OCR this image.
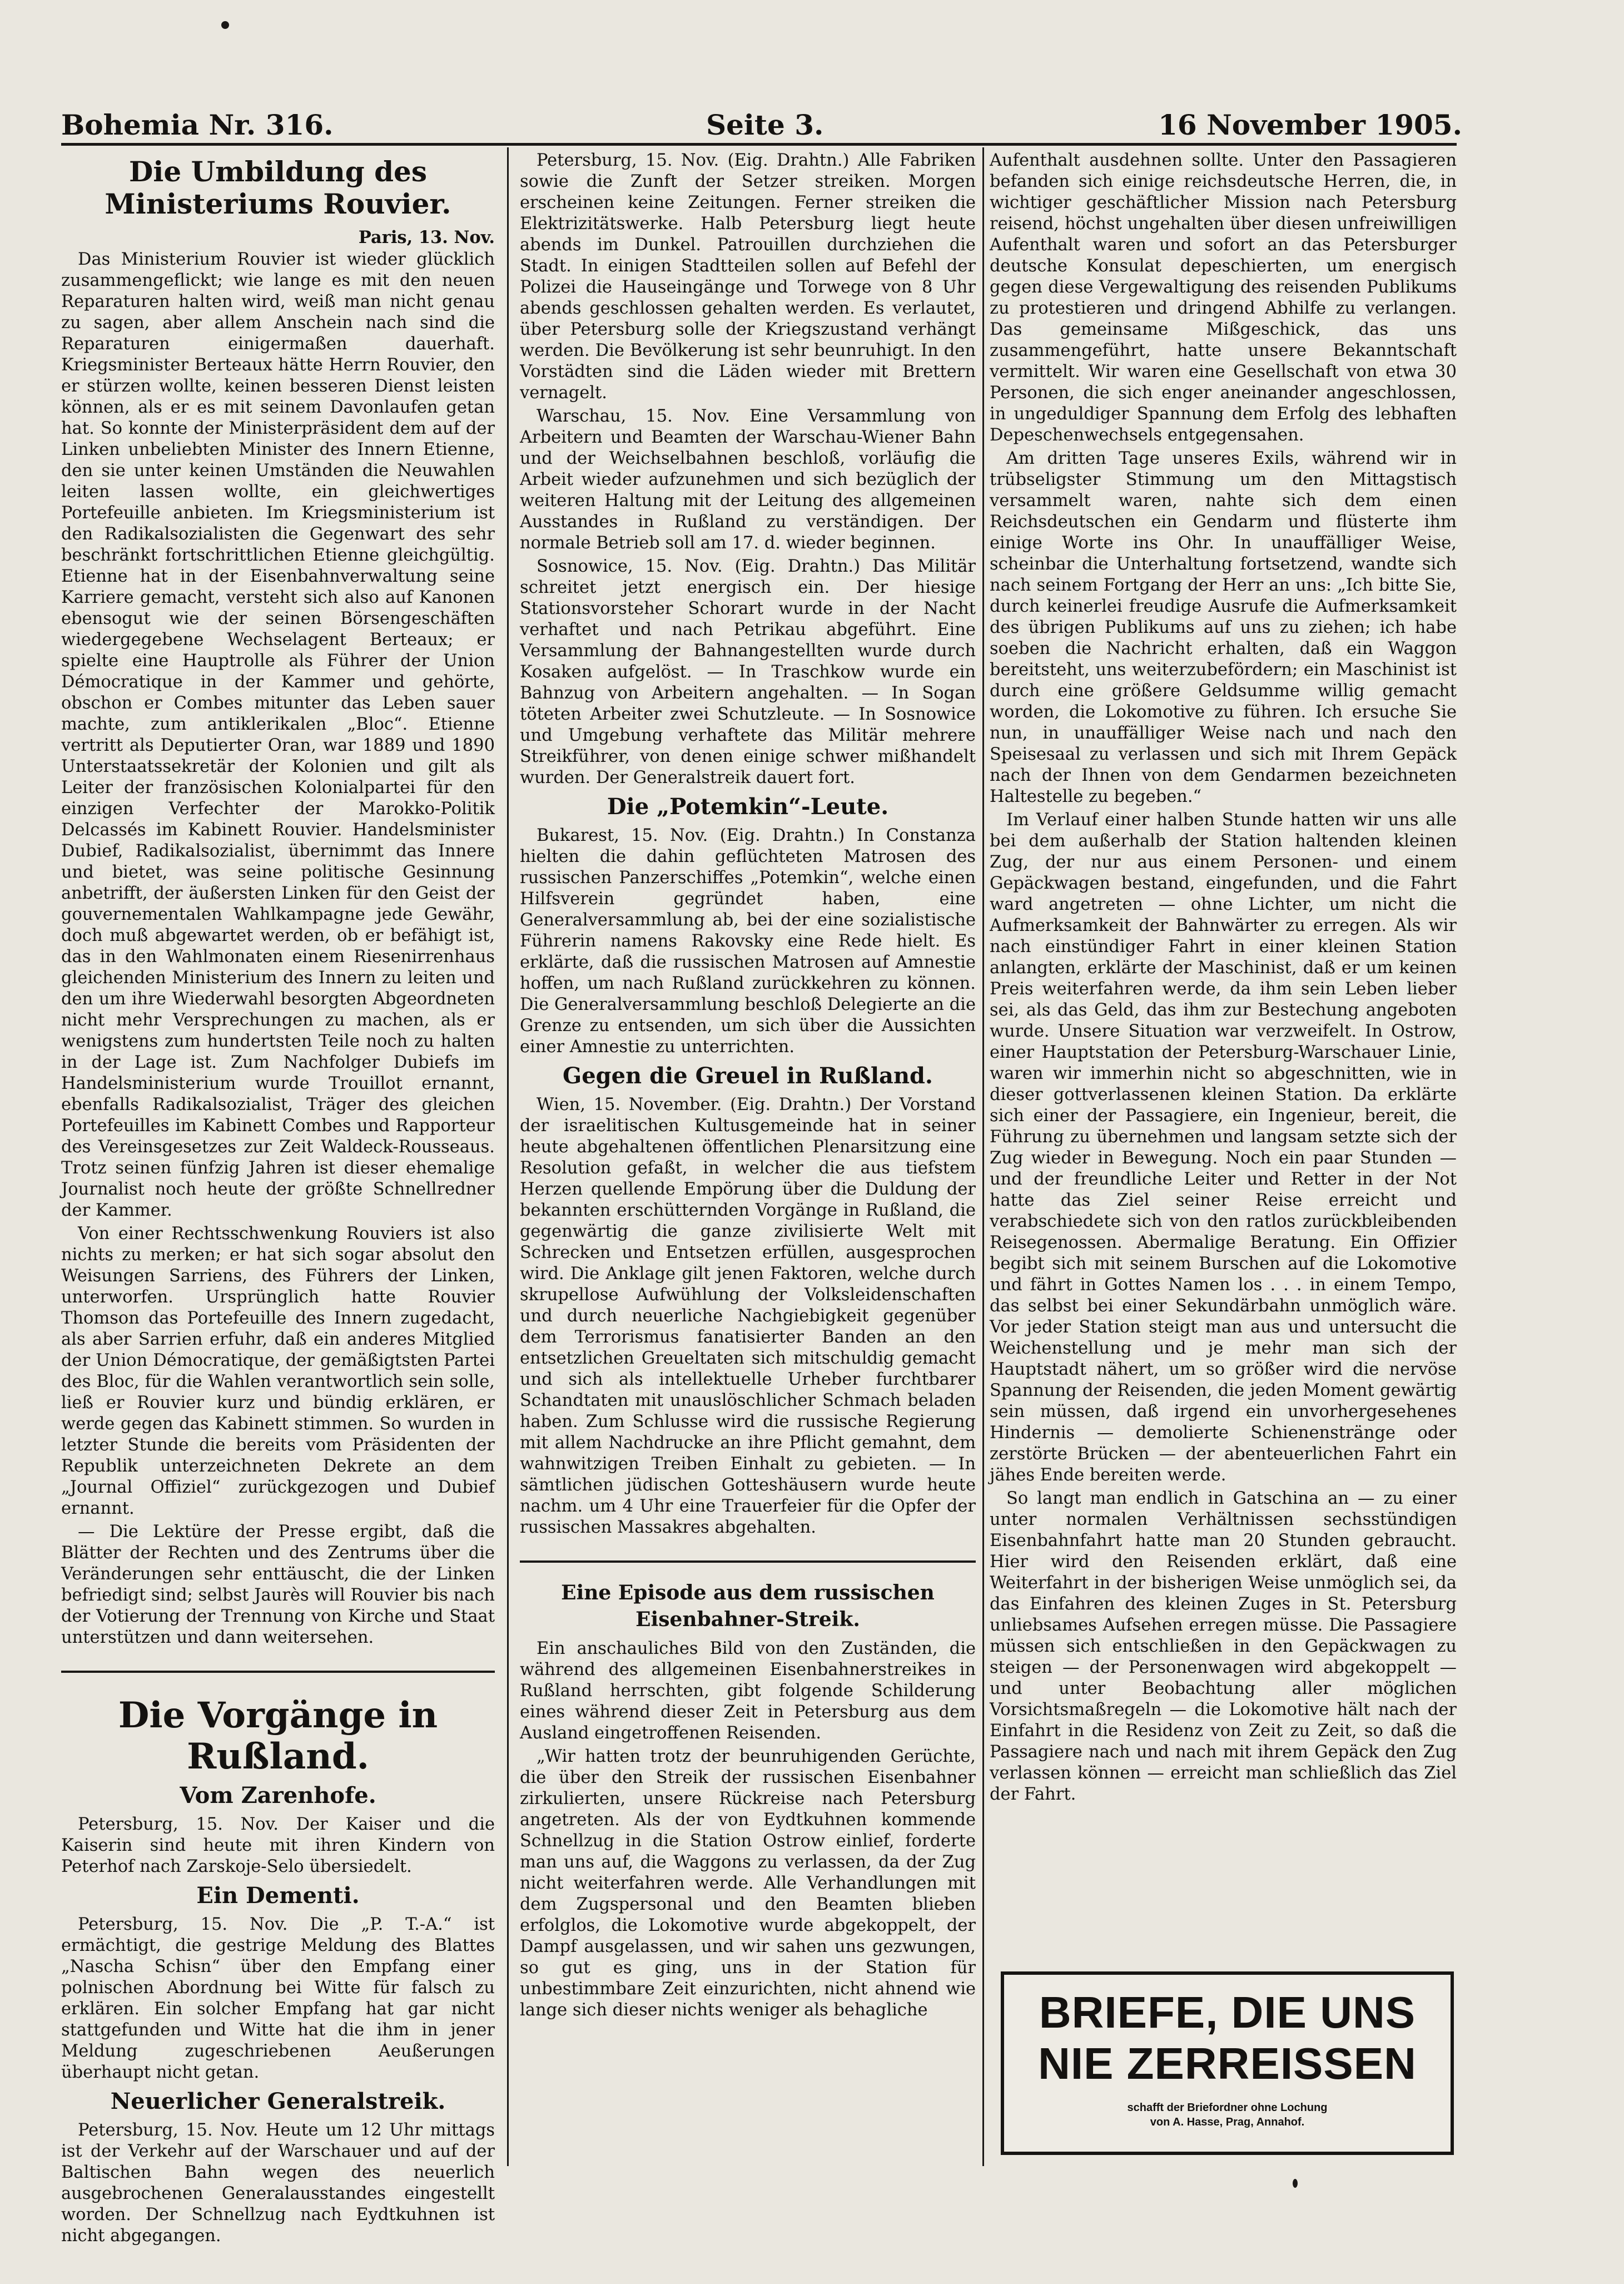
Bohemia Nr. 316.	Seite 3.	16 November 1905.
Die Umbildung des Ministeriums Rouvier.
Paris, 13. Nov.

Das Ministerium Rouvier ist wieder glücklich zusammengeflickt; wie lange es mit den neuen Reparaturen halten wird, weiß man nicht genau zu sagen, aber allem Anschein nach sind die Reparaturen einigermaßen dauerhaft. Kriegsminister Berteaux hätte Herrn Rouvier, den er stürzen wollte, keinen besseren Dienst leisten können, als er es mit seinem Davonlaufen getan hat. So konnte der Ministerpräsident dem auf der Linken unbeliebten Minister des Innern Etienne, den sie unter keinen Umständen die Neuwahlen leiten lassen wollte, ein gleichwertiges Portefeuille anbieten. Im Kriegsministerium ist den Radikalsozialisten die Gegenwart des sehr beschränkt fortschrittlichen Etienne gleichgültig. Etienne hat in der Eisenbahnverwaltung seine Karriere gemacht, versteht sich also auf Kanonen ebensogut wie der seinen Börsengeschäften wiedergegebene Wechselagent Berteaux; er spielte eine Hauptrolle als Führer der Union Démocratique in der Kammer und gehörte, obschon er Combes mitunter das Leben sauer machte, zum antiklerikalen „Bloc“. Etienne vertritt als Deputierter Oran, war 1889 und 1890 Unterstaatssekretär der Kolonien und gilt als Leiter der französischen Kolonialpartei für den einzigen Verfechter der Marokko-Politik Delcassés im Kabinett Rouvier. Handelsminister Dubief, Radikalsozialist, übernimmt das Innere und bietet, was seine politische Gesinnung anbetrifft, der äußersten Linken für den Geist der gouvernementalen Wahlkampagne jede Gewähr, doch muß abgewartet werden, ob er befähigt ist, das in den Wahlmonaten einem Riesenirrenhaus gleichenden Ministerium des Innern zu leiten und den um ihre Wiederwahl besorgten Abgeordneten nicht mehr Versprechungen zu machen, als er wenigstens zum hundertsten Teile noch zu halten in der Lage ist. Zum Nachfolger Dubiefs im Handelsministerium wurde Trouillot ernannt, ebenfalls Radikalsozialist, Träger des gleichen Portefeuilles im Kabinett Combes und Rapporteur des Vereinsgesetzes zur Zeit Waldeck-Rousseaus. Trotz seinen fünfzig Jahren ist dieser ehemalige Journalist noch heute der größte Schnellredner der Kammer.

Von einer Rechtsschwenkung Rouviers ist also nichts zu merken; er hat sich sogar absolut den Weisungen Sarriens, des Führers der Linken, unterworfen. Ursprünglich hatte Rouvier Thomson das Portefeuille des Innern zugedacht, als aber Sarrien erfuhr, daß ein anderes Mitglied der Union Démocratique, der gemäßigtsten Partei des Bloc, für die Wahlen verantwortlich sein solle, ließ er Rouvier kurz und bündig erklären, er werde gegen das Kabinett stimmen. So wurden in letzter Stunde die bereits vom Präsidenten der Republik unterzeichneten Dekrete an dem „Journal Offiziel“ zurückgezogen und Dubief ernannt.

— Die Lektüre der Presse ergibt, daß die Blätter der Rechten und des Zentrums über die Veränderungen sehr enttäuscht, die der Linken befriedigt sind; selbst Jaurès will Rouvier bis nach der Votierung der Trennung von Kirche und Staat unterstützen und dann weitersehen.

Die Vorgänge in Rußland.
Vom Zarenhofe.

Petersburg, 15. Nov. Der Kaiser und die Kaiserin sind heute mit ihren Kindern von Peterhof nach Zarskoje-Selo übersiedelt.

Ein Dementi.

Petersburg, 15. Nov. Die „P. T.-A.“ ist ermächtigt, die gestrige Meldung des Blattes „Nascha Schisn“ über den Empfang einer polnischen Abordnung bei Witte für falsch zu erklären. Ein solcher Empfang hat gar nicht stattgefunden und Witte hat die ihm in jener Meldung zugeschriebenen Aeußerungen überhaupt nicht getan.

Neuerlicher Generalstreik.

Petersburg, 15. Nov. Heute um 12 Uhr mittags ist der Verkehr auf der Warschauer und auf der Baltischen Bahn wegen des neuerlich ausgebrochenen Generalausstandes eingestellt worden. Der Schnellzug nach Eydtkuhnen ist nicht abgegangen.

Petersburg, 15. Nov. (Eig. Drahtn.) Alle Fabriken sowie die Zunft der Setzer streiken. Morgen erscheinen keine Zeitungen. Ferner streiken die Elektrizitätswerke. Halb Petersburg liegt heute abends im Dunkel. Patrouillen durchziehen die Stadt. In einigen Stadtteilen sollen auf Befehl der Polizei die Hauseingänge und Torwege von 8 Uhr abends geschlossen gehalten werden. Es verlautet, über Petersburg solle der Kriegszustand verhängt werden. Die Bevölkerung ist sehr beunruhigt. In den Vorstädten sind die Läden wieder mit Brettern vernagelt.

Warschau, 15. Nov. Eine Versammlung von Arbeitern und Beamten der Warschau-Wiener Bahn und der Weichselbahnen beschloß, vorläufig die Arbeit wieder aufzunehmen und sich bezüglich der weiteren Haltung mit der Leitung des allgemeinen Ausstandes in Rußland zu verständigen. Der normale Betrieb soll am 17. d. wieder beginnen.

Sosnowice, 15. Nov. (Eig. Drahtn.) Das Militär schreitet jetzt energisch ein. Der hiesige Stationsvorsteher Schorart wurde in der Nacht verhaftet und nach Petrikau abgeführt. Eine Versammlung der Bahnangestellten wurde durch Kosaken aufgelöst. — In Traschkow wurde ein Bahnzug von Arbeitern angehalten. — In Sogan töteten Arbeiter zwei Schutzleute. — In Sosnowice und Umgebung verhaftete das Militär mehrere Streikführer, von denen einige schwer mißhandelt wurden. Der Generalstreik dauert fort.

Die „Potemkin“-Leute.

Bukarest, 15. Nov. (Eig. Drahtn.) In Constanza hielten die dahin geflüchteten Matrosen des russischen Panzerschiffes „Potemkin“, welche einen Hilfsverein gegründet haben, eine Generalversammlung ab, bei der eine sozialistische Führerin namens Rakovsky eine Rede hielt. Es erklärte, daß die russischen Matrosen auf Amnestie hoffen, um nach Rußland zurückkehren zu können. Die Generalversammlung beschloß Delegierte an die Grenze zu entsenden, um sich über die Aussichten einer Amnestie zu unterrichten.

Gegen die Greuel in Rußland.

Wien, 15. November. (Eig. Drahtn.) Der Vorstand der israelitischen Kultusgemeinde hat in seiner heute abgehaltenen öffentlichen Plenarsitzung eine Resolution gefaßt, in welcher die aus tiefstem Herzen quellende Empörung über die Duldung der bekannten erschütternden Vorgänge in Rußland, die gegenwärtig die ganze zivilisierte Welt mit Schrecken und Entsetzen erfüllen, ausgesprochen wird. Die Anklage gilt jenen Faktoren, welche durch skrupellose Aufwühlung der Volksleidenschaften und durch neuerliche Nachgiebigkeit gegenüber dem Terrorismus fanatisierter Banden an den entsetzlichen Greueltaten sich mitschuldig gemacht und sich als intellektuelle Urheber furchtbarer Schandtaten mit unauslöschlicher Schmach beladen haben. Zum Schlusse wird die russische Regierung mit allem Nachdrucke an ihre Pflicht gemahnt, dem wahnwitzigen Treiben Einhalt zu gebieten. — In sämtlichen jüdischen Gotteshäusern wurde heute nachm. um 4 Uhr eine Trauerfeier für die Opfer der russischen Massakres abgehalten.

Eine Episode aus dem russischen Eisenbahner-Streik.

Ein anschauliches Bild von den Zuständen, die während des allgemeinen Eisenbahnerstreikes in Rußland herrschten, gibt folgende Schilderung eines während dieser Zeit in Petersburg aus dem Ausland eingetroffenen Reisenden.

„Wir hatten trotz der beunruhigenden Gerüchte, die über den Streik der russischen Eisenbahner zirkulierten, unsere Rückreise nach Petersburg angetreten. Als der von Eydtkuhnen kommende Schnellzug in die Station Ostrow einlief, forderte man uns auf, die Waggons zu verlassen, da der Zug nicht weiterfahren werde. Alle Verhandlungen mit dem Zugspersonal und den Beamten blieben erfolglos, die Lokomotive wurde abgekoppelt, der Dampf ausgelassen, und wir sahen uns gezwungen, so gut es ging, uns in der Station für unbestimmbare Zeit einzurichten, nicht ahnend wie lange sich dieser nichts weniger als behagliche

Aufenthalt ausdehnen sollte. Unter den Passagieren befanden sich einige reichsdeutsche Herren, die, in wichtiger geschäftlicher Mission nach Petersburg reisend, höchst ungehalten über diesen unfreiwilligen Aufenthalt waren und sofort an das Petersburger deutsche Konsulat depeschierten, um energisch gegen diese Vergewaltigung des reisenden Publikums zu protestieren und dringend Abhilfe zu verlangen. Das gemeinsame Mißgeschick, das uns zusammengeführt, hatte unsere Bekanntschaft vermittelt. Wir waren eine Gesellschaft von etwa 30 Personen, die sich enger aneinander angeschlossen, in ungeduldiger Spannung dem Erfolg des lebhaften Depeschenwechsels entgegensahen.

Am dritten Tage unseres Exils, während wir in trübseligster Stimmung um den Mittagstisch versammelt waren, nahte sich dem einen Reichsdeutschen ein Gendarm und flüsterte ihm einige Worte ins Ohr. In unauffälliger Weise, scheinbar die Unterhaltung fortsetzend, wandte sich nach seinem Fortgang der Herr an uns: „Ich bitte Sie, durch keinerlei freudige Ausrufe die Aufmerksamkeit des übrigen Publikums auf uns zu ziehen; ich habe soeben die Nachricht erhalten, daß ein Waggon bereitsteht, uns weiterzubefördern; ein Maschinist ist durch eine größere Geldsumme willig gemacht worden, die Lokomotive zu führen. Ich ersuche Sie nun, in unauffälliger Weise nach und nach den Speisesaal zu verlassen und sich mit Ihrem Gepäck nach der Ihnen von dem Gendarmen bezeichneten Haltestelle zu begeben.“

Im Verlauf einer halben Stunde hatten wir uns alle bei dem außerhalb der Station haltenden kleinen Zug, der nur aus einem Personen- und einem Gepäckwagen bestand, eingefunden, und die Fahrt ward angetreten — ohne Lichter, um nicht die Aufmerksamkeit der Bahnwärter zu erregen. Als wir nach einstündiger Fahrt in einer kleinen Station anlangten, erklärte der Maschinist, daß er um keinen Preis weiterfahren werde, da ihm sein Leben lieber sei, als das Geld, das ihm zur Bestechung angeboten wurde. Unsere Situation war verzweifelt. In Ostrow, einer Hauptstation der Petersburg-Warschauer Linie, waren wir immerhin nicht so abgeschnitten, wie in dieser gottverlassenen kleinen Station. Da erklärte sich einer der Passagiere, ein Ingenieur, bereit, die Führung zu übernehmen und langsam setzte sich der Zug wieder in Bewegung. Noch ein paar Stunden — und der freundliche Leiter und Retter in der Not hatte das Ziel seiner Reise erreicht und verabschiedete sich von den ratlos zurückbleibenden Reisegenossen. Abermalige Beratung. Ein Offizier begibt sich mit seinem Burschen auf die Lokomotive und fährt in Gottes Namen los . . . in einem Tempo, das selbst bei einer Sekundärbahn unmöglich wäre. Vor jeder Station steigt man aus und untersucht die Weichenstellung und je mehr man sich der Hauptstadt nähert, um so größer wird die nervöse Spannung der Reisenden, die jeden Moment gewärtig sein müssen, daß irgend ein unvorhergesehenes Hindernis — demolierte Schienenstränge oder zerstörte Brücken — der abenteuerlichen Fahrt ein jähes Ende bereiten werde.

So langt man endlich in Gatschina an — zu einer unter normalen Verhältnissen sechsstündigen Eisenbahnfahrt hatte man 20 Stunden gebraucht. Hier wird den Reisenden erklärt, daß eine Weiterfahrt in der bisherigen Weise unmöglich sei, da das Einfahren des kleinen Zuges in St. Petersburg unliebsames Aufsehen erregen müsse. Die Passagiere müssen sich entschließen in den Gepäckwagen zu steigen — der Personenwagen wird abgekoppelt — und unter Beobachtung aller möglichen Vorsichtsmaßregeln — die Lokomotive hält nach der Einfahrt in die Residenz von Zeit zu Zeit, so daß die Passagiere nach und nach mit ihrem Gepäck den Zug verlassen können — erreicht man schließlich das Ziel der Fahrt.

BRIEFE, DIE UNS
NIE ZERREISSEN
schafft der Briefordner ohne Lochung
von A. Hasse, Prag, Annahof.
